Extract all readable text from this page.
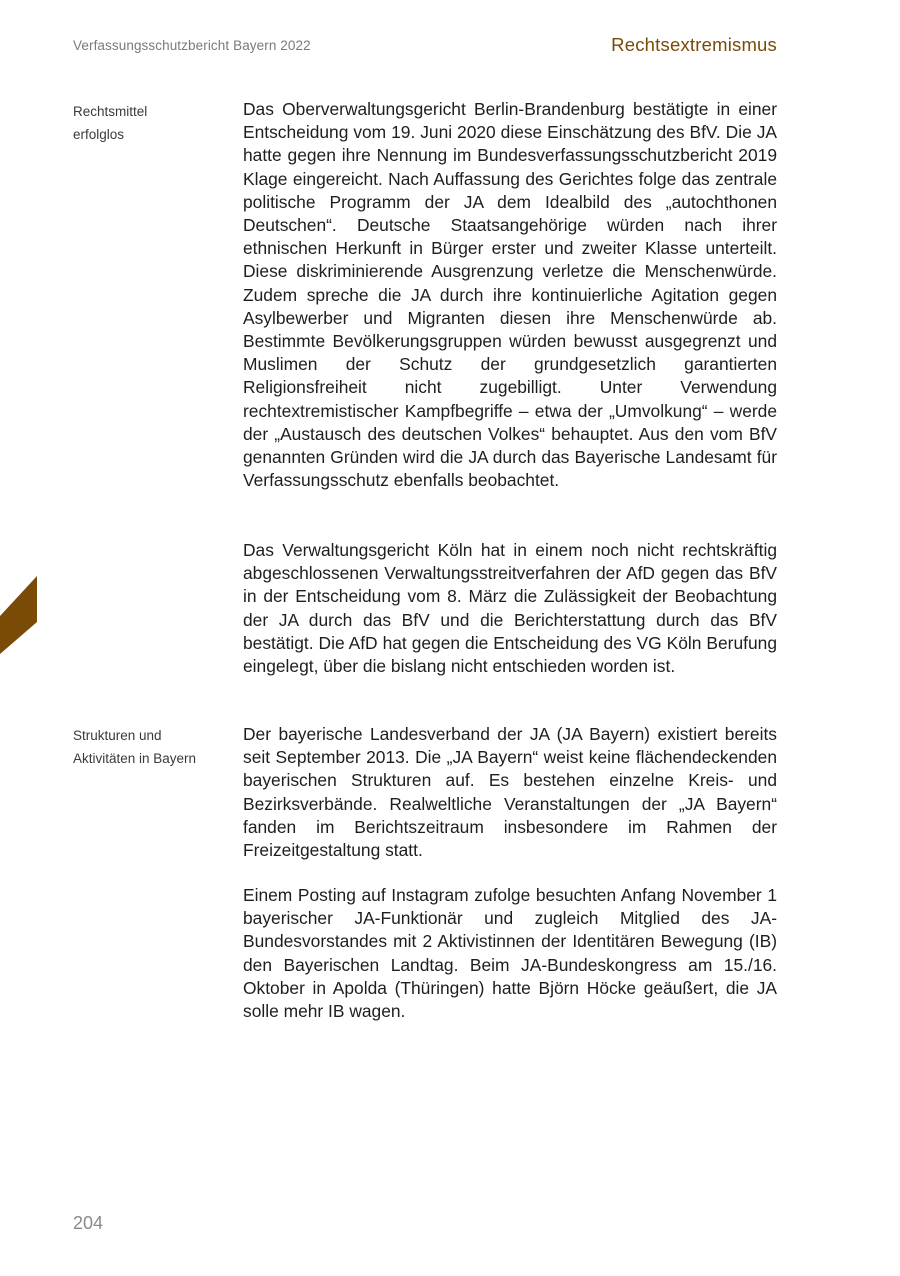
Verfassungsschutzbericht Bayern 2022	Rechtsextremismus
Rechtsmittel
erfolglos

Das Oberverwaltungsgericht Berlin-Brandenburg bestätigte in einer Entscheidung vom 19. Juni 2020 diese Einschätzung des BfV. Die JA hatte gegen ihre Nennung im Bundesverfassungsschutzbericht 2019 Klage eingereicht. Nach Auffassung des Gerichtes folge das zentrale politische Programm der JA dem Idealbild des „autochthonen Deutschen“. Deutsche Staatsangehörige würden nach ihrer ethnischen Herkunft in Bürger erster und zweiter Klasse unterteilt. Diese diskriminierende Ausgrenzung verletze die Menschenwürde. Zudem spreche die JA durch ihre kontinuierliche Agitation gegen Asylbewerber und Migranten diesen ihre Menschenwürde ab. Bestimmte Bevölkerungsgruppen würden bewusst ausgegrenzt und Muslimen der Schutz der grundgesetzlich garantierten Religionsfreiheit nicht zugebilligt. Unter Verwendung rechtextremistischer Kampfbegriffe – etwa der „Umvolkung“ – werde der „Austausch des deutschen Volkes“ behauptet. Aus den vom BfV genannten Gründen wird die JA durch das Bayerische Landesamt für Verfassungsschutz ebenfalls beobachtet.

Das Verwaltungsgericht Köln hat in einem noch nicht rechtskräftig abgeschlossenen Verwaltungsstreitverfahren der AfD gegen das BfV in der Entscheidung vom 8. März die Zulässigkeit der Beobachtung der JA durch das BfV und die Berichterstattung durch das BfV bestätigt. Die AfD hat gegen die Entscheidung des VG Köln Berufung eingelegt, über die bislang nicht entschieden worden ist.

Strukturen und
Aktivitäten in Bayern

Der bayerische Landesverband der JA (JA Bayern) existiert bereits seit September 2013. Die „JA Bayern“ weist keine flächendeckenden bayerischen Strukturen auf. Es bestehen einzelne Kreis- und Bezirksverbände. Realweltliche Veranstaltungen der „JA Bayern“ fanden im Berichtszeitraum insbesondere im Rahmen der Freizeitgestaltung statt.

Einem Posting auf Instagram zufolge besuchten Anfang November 1 bayerischer JA-Funktionär und zugleich Mitglied des JA-Bundesvorstandes mit 2 Aktivistinnen der Identitären Bewegung (IB) den Bayerischen Landtag. Beim JA-Bundeskongress am 15./16. Oktober in Apolda (Thüringen) hatte Björn Höcke geäußert, die JA solle mehr IB wagen.

204
